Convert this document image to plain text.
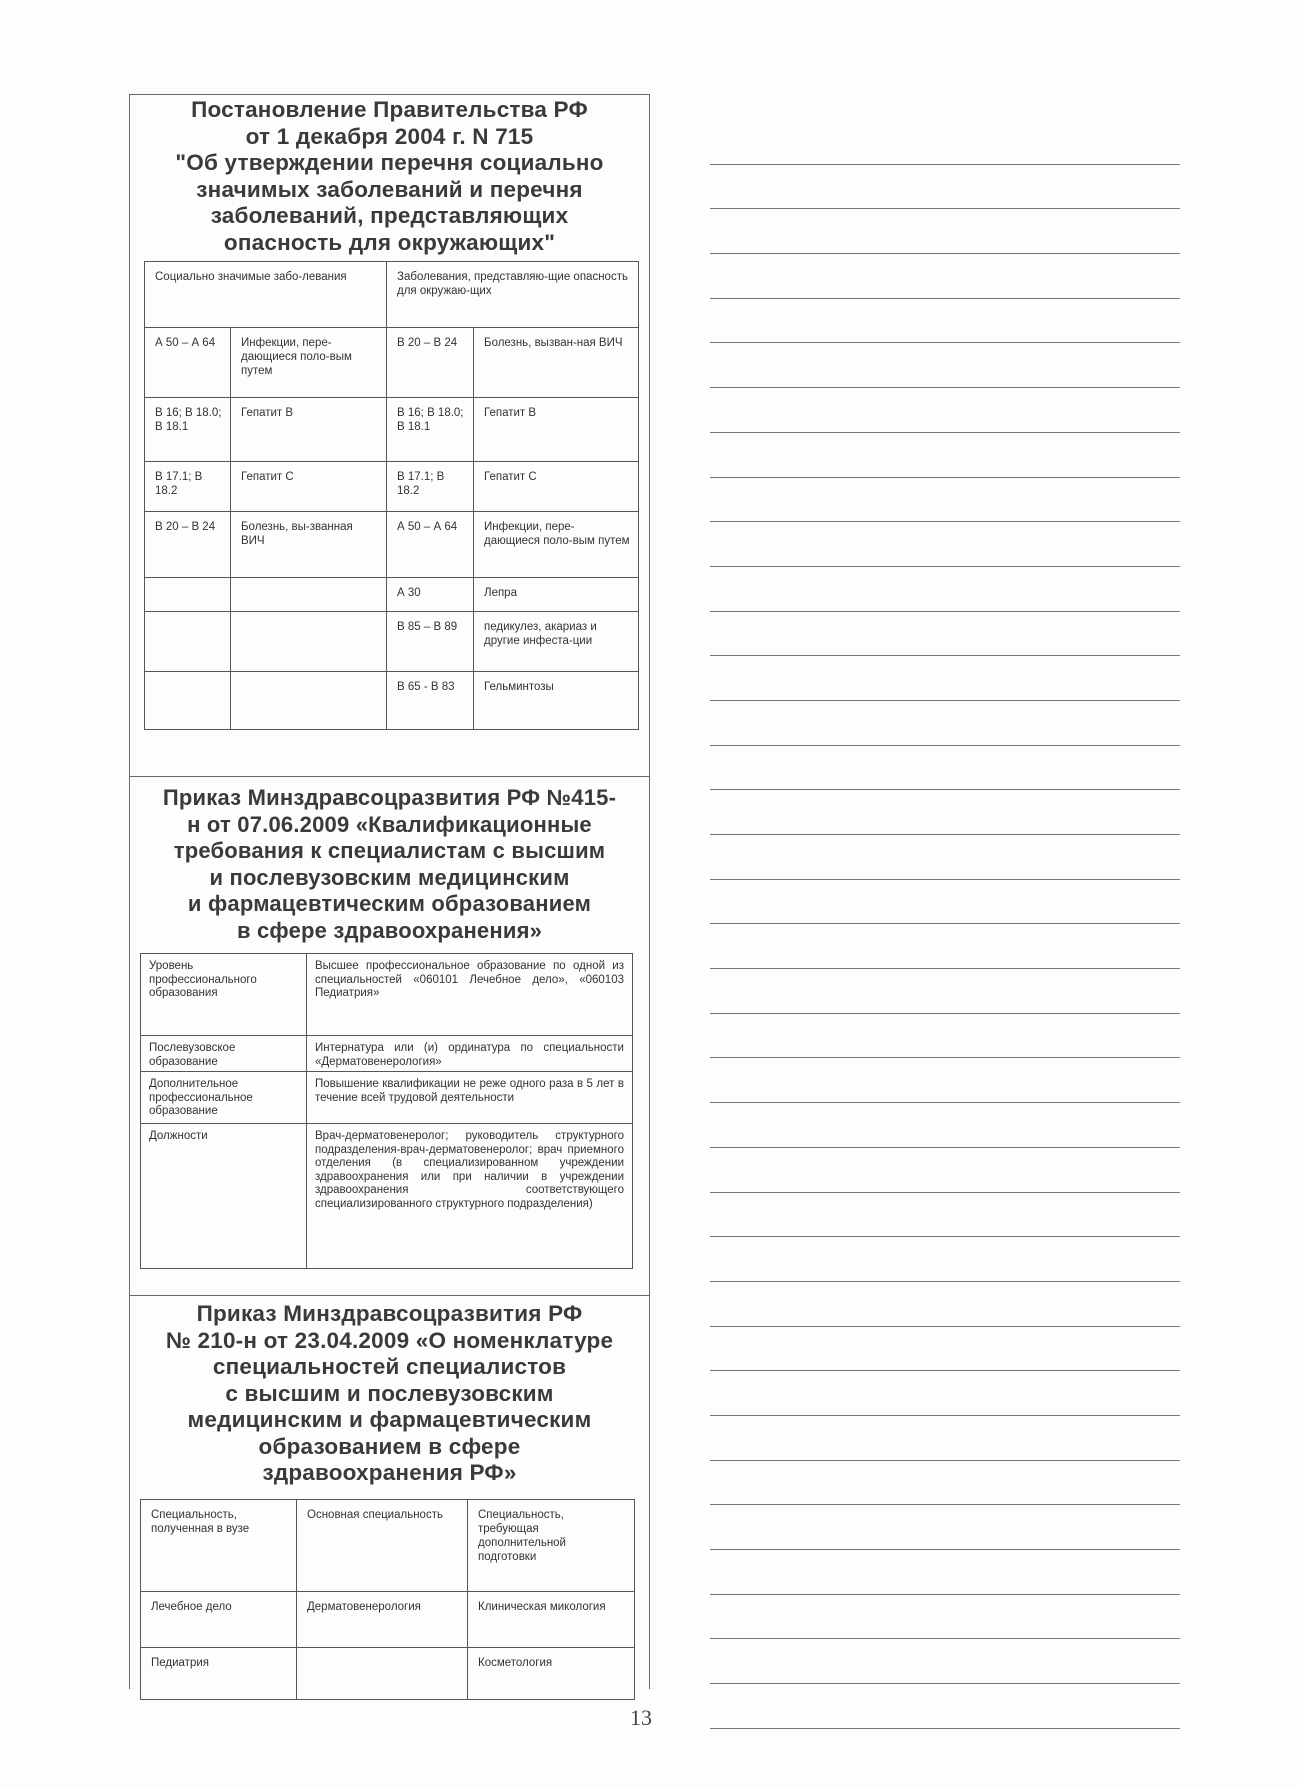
Постановление Правительства РФ
от 1 декабря 2004 г. N 715
"Об утверждении перечня социально
значимых заболеваний и перечня
заболеваний, представляющих
опасность для окружающих"
Социально значимые забо-левания		Заболевания, представляю-щие опасность для окружаю-щих	
А 50 – А 64	Инфекции, пере-дающиеся поло-вым путем	В 20 – В 24	Болезнь, вызван-ная ВИЧ
В 16; В 18.0; В 18.1	Гепатит В	В 16; В 18.0; В 18.1	Гепатит В
В 17.1; В 18.2	Гепатит С	В 17.1; В 18.2	Гепатит С
В 20 – В 24	Болезнь, вы-званная ВИЧ	А 50 – А 64	Инфекции, пере-дающиеся поло-вым путем
		А 30	Лепра
		В 85 – В 89	педикулез, акариаз и другие инфеста-ции
		В 65 - В 83	Гельминтозы
Приказ Минздравсоцразвития РФ №415-
н от 07.06.2009 «Квалификационные
требования к специалистам с высшим
и послевузовским медицинским
и фармацевтическим образованием
в сфере здравоохранения»
Уровень профессионального образования	Высшее профессиональное образование по одной из специальностей «060101 Лечебное дело», «060103 Педиатрия»
Послевузовское образование	Интернатура или (и) ординатура по специальности «Дерматовенерология»
Дополнительное профессиональное образование	Повышение квалификации не реже одного раза в 5 лет в течение всей трудовой деятельности
Должности	Врач-дерматовенеролог; руководитель структурного подразделения-врач-дерматовенеролог; врач приемного отделения (в специализированном учреждении здравоохранения или при наличии в учреждении здравоохранения соответствующего специализированного структурного подразделения)
Приказ Минздравсоцразвития РФ
№ 210-н от 23.04.2009 «О номенклатуре
специальностей специалистов
с высшим и послевузовским
медицинским и фармацевтическим
образованием в сфере
здравоохранения РФ»
Специальность, полученная в вузе	Основная специальность	Специальность, требующая дополнительной подготовки
Лечебное дело	Дерматовенерология	Клиническая микология
Педиатрия		Косметология
13
